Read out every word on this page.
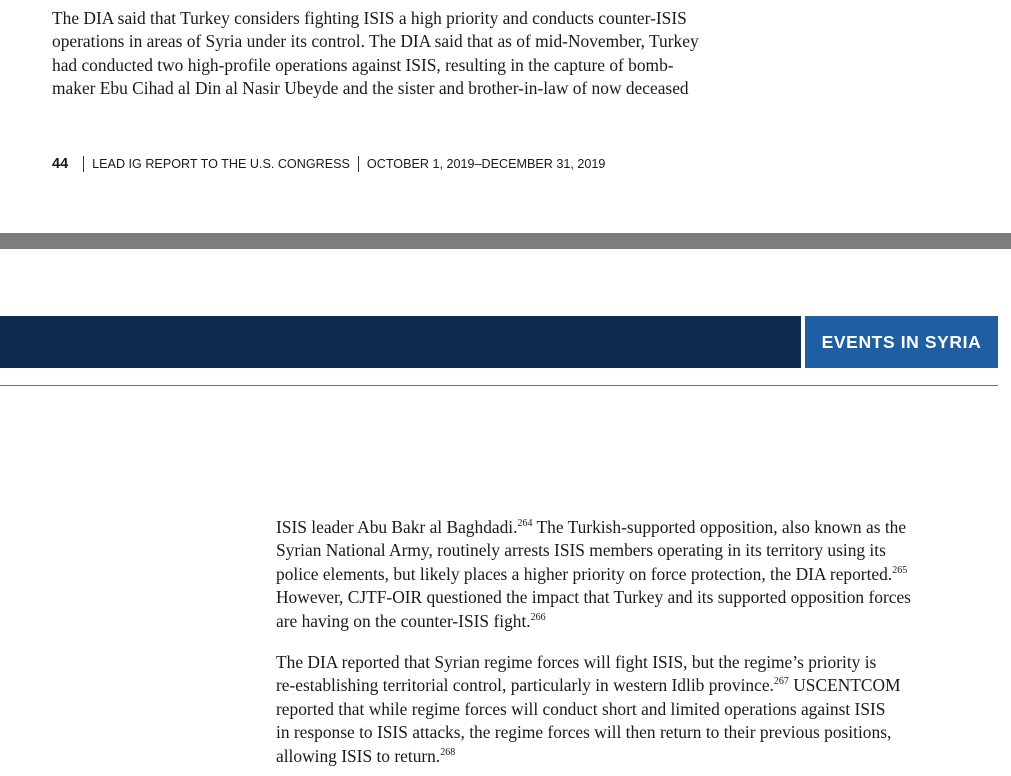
The DIA said that Turkey considers fighting ISIS a high priority and conducts counter-ISIS
operations in areas of Syria under its control. The DIA said that as of mid-November, Turkey
had conducted two high-profile operations against ISIS, resulting in the capture of bomb-
maker Ebu Cihad al Din al Nasir Ubeyde and the sister and brother-in-law of now deceased

44 LEAD IG REPORT TO THE U.S. CONGRESS OCTOBER 1, 2019–DECEMBER 31, 2019
EVENTS IN SYRIA

ISIS leader Abu Bakr al Baghdadi.$^{264}$ The Turkish-supported opposition, also known as the
Syrian National Army, routinely arrests ISIS members operating in its territory using its
police elements, but likely places a higher priority on force protection, the DIA reported.$^{265}$
However, CJTF-OIR questioned the impact that Turkey and its supported opposition forces
are having on the counter-ISIS fight.$^{266}$

The DIA reported that Syrian regime forces will fight ISIS, but the regime’s priority is
re-establishing territorial control, particularly in western Idlib province.$^{267}$ USCENTCOM
reported that while regime forces will conduct short and limited operations against ISIS
in response to ISIS attacks, the regime forces will then return to their previous positions,
allowing ISIS to return.$^{268}$
